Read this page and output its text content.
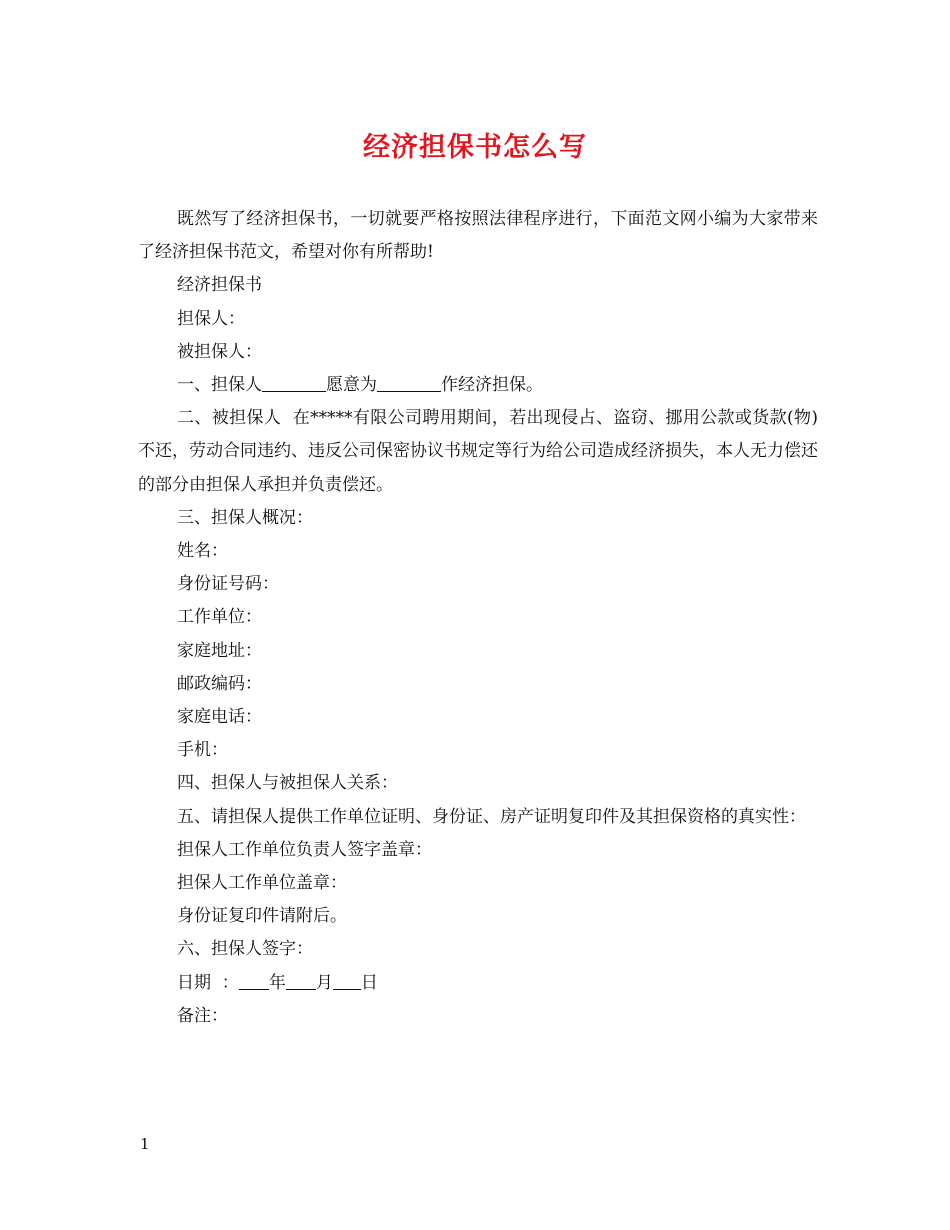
经济担保书怎么写

既然写了经济担保书，一切就要严格按照法律程序进行，下面范文网小编为大家带来了经济担保书范文，希望对你有所帮助!

经济担保书

担保人：

被担保人：

一、担保人	愿意为	作经济担保。

二、被担保人  在*****有限公司聘用期间，若出现侵占、盗窃、挪用公款或货款(物)不还，劳动合同违约、违反公司保密协议书规定等行为给公司造成经济损失，本人无力偿还的部分由担保人承担并负责偿还。

三、担保人概况：

姓名：

身份证号码：

工作单位：

家庭地址：

邮政编码：

家庭电话：

手机：

四、担保人与被担保人关系：

五、请担保人提供工作单位证明、身份证、房产证明复印件及其担保资格的真实性：

担保人工作单位负责人签字盖章：

担保人工作单位盖章：

身份证复印件请附后。

六、担保人签字：

日期  ： 年 月 日

备注：

1
